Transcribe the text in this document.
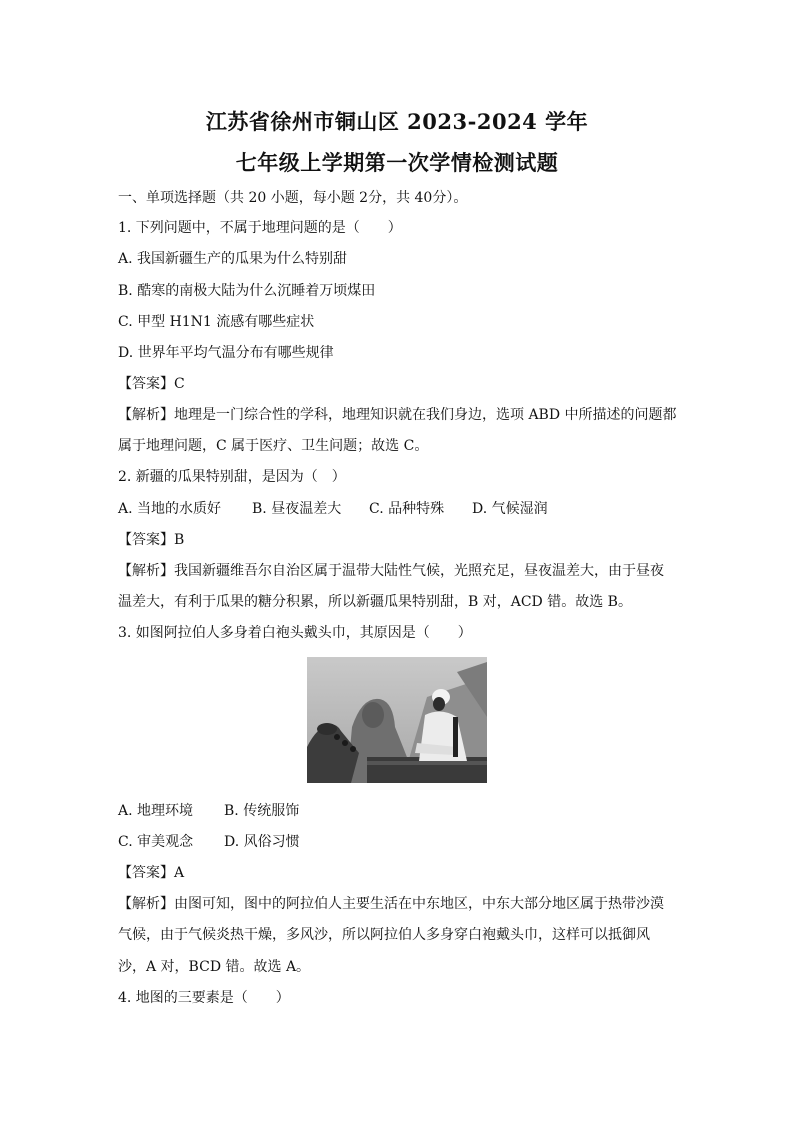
江苏省徐州市铜山区 2023-2024 学年
七年级上学期第一次学情检测试题
一、单项选择题（共 20 小题，每小题 2分，共 40分）。
1. 下列问题中，不属于地理问题的是（　　）
A. 我国新疆生产的瓜果为什么特别甜
B. 酷寒的南极大陆为什么沉睡着万顷煤田
C. 甲型 H1N1 流感有哪些症状
D. 世界年平均气温分布有哪些规律
【答案】C
【解析】地理是一门综合性的学科，地理知识就在我们身边，选项 ABD 中所描述的问题都
属于地理问题，C 属于医疗、卫生问题；故选 C。
2. 新疆的瓜果特别甜，是因为（　）
A. 当地的水质好	B. 昼夜温差大	C. 品种特殊	D. 气候湿润
【答案】B
【解析】我国新疆维吾尔自治区属于温带大陆性气候，光照充足，昼夜温差大，由于昼夜
温差大，有利于瓜果的糖分积累，所以新疆瓜果特别甜，B 对，ACD 错。故选 B。
3. 如图阿拉伯人多身着白袍头戴头巾，其原因是（　　）
A. 地理环境	B. 传统服饰
C. 审美观念	D. 风俗习惯
【答案】A
【解析】由图可知，图中的阿拉伯人主要生活在中东地区，中东大部分地区属于热带沙漠
气候，由于气候炎热干燥，多风沙，所以阿拉伯人多身穿白袍戴头巾，这样可以抵御风
沙，A 对，BCD 错。故选 A。
4. 地图的三要素是（　　）
